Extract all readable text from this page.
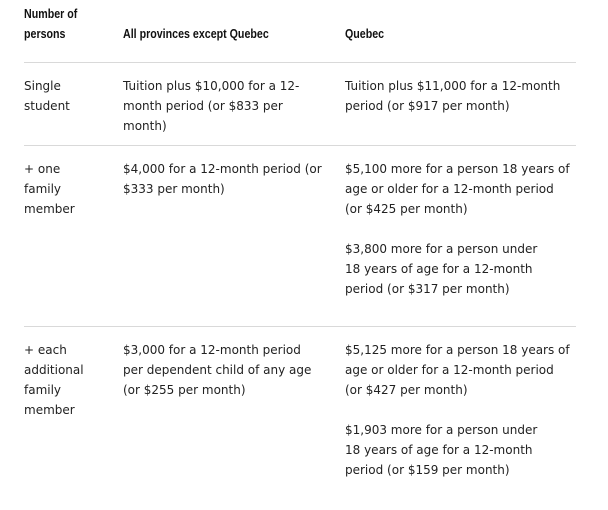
Number of
persons	All provinces except Quebec	Quebec
Single
student
Tuition plus $10,000 for a 12-
month period (or $833 per
month)
Tuition plus $11,000 for a 12-month
period (or $917 per month)
+ one
family
member
$4,000 for a 12-month period (or
$333 per month)
$5,100 more for a person 18 years of
age or older for a 12-month period
(or $425 per month)
$3,800 more for a person under
18 years of age for a 12-month
period (or $317 per month)
+ each
additional
family
member
$3,000 for a 12-month period
per dependent child of any age
(or $255 per month)
$5,125 more for a person 18 years of
age or older for a 12-month period
(or $427 per month)
$1,903 more for a person under
18 years of age for a 12-month
period (or $159 per month)
